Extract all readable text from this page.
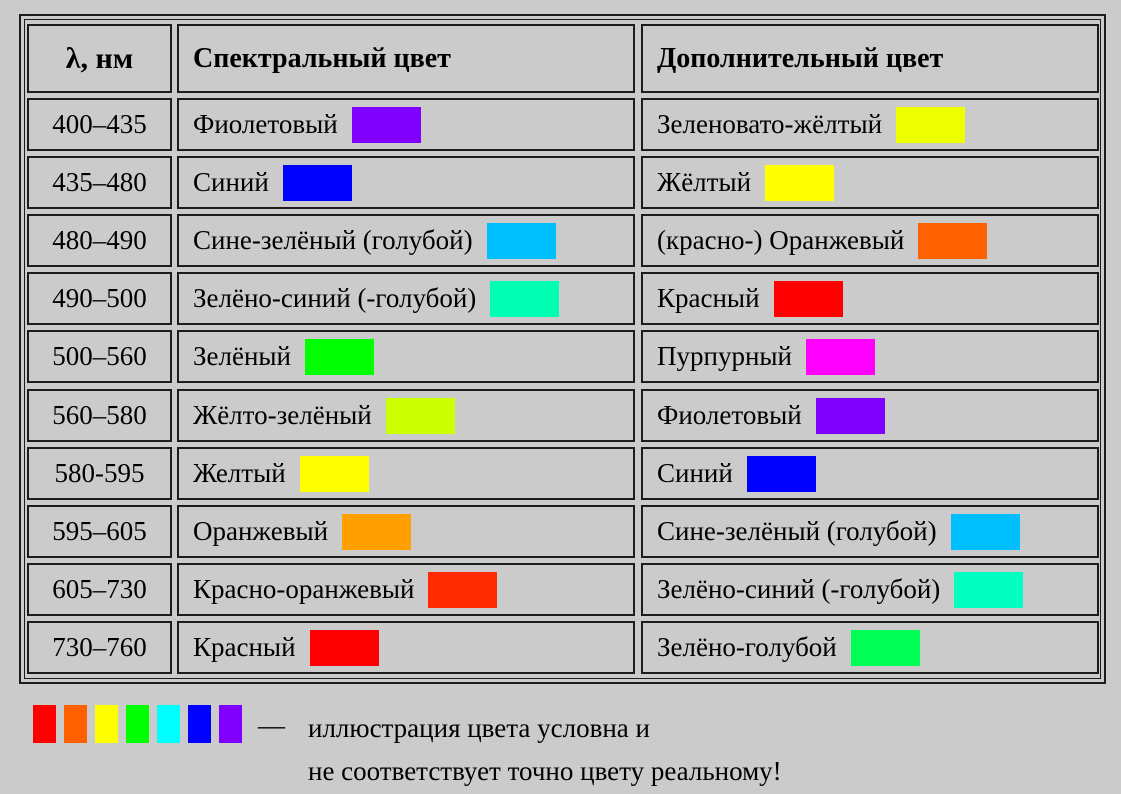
λ, нм Спектральный цвет	Дополнительный цвет
400–435 Фиолетовый	Зеленовато-жёлтый
435–480 Синий	Жёлтый
480–490 Сине-зелёный (голубой)	(красно-) Оранжевый
490–500 Зелёно-синий (-голубой)	Красный
500–560 Зелёный	Пурпурный
560–580 Жёлто-зелёный	Фиолетовый
580-595 Желтый	Синий
595–605 Оранжевый	Сине-зелёный (голубой)
605–730 Красно-оранжевый	Зелёно-синий (-голубой)
730–760 Красный	Зелёно-голубой
— иллюстрация цвета условна и
не соответствует точно цвету реальному!
